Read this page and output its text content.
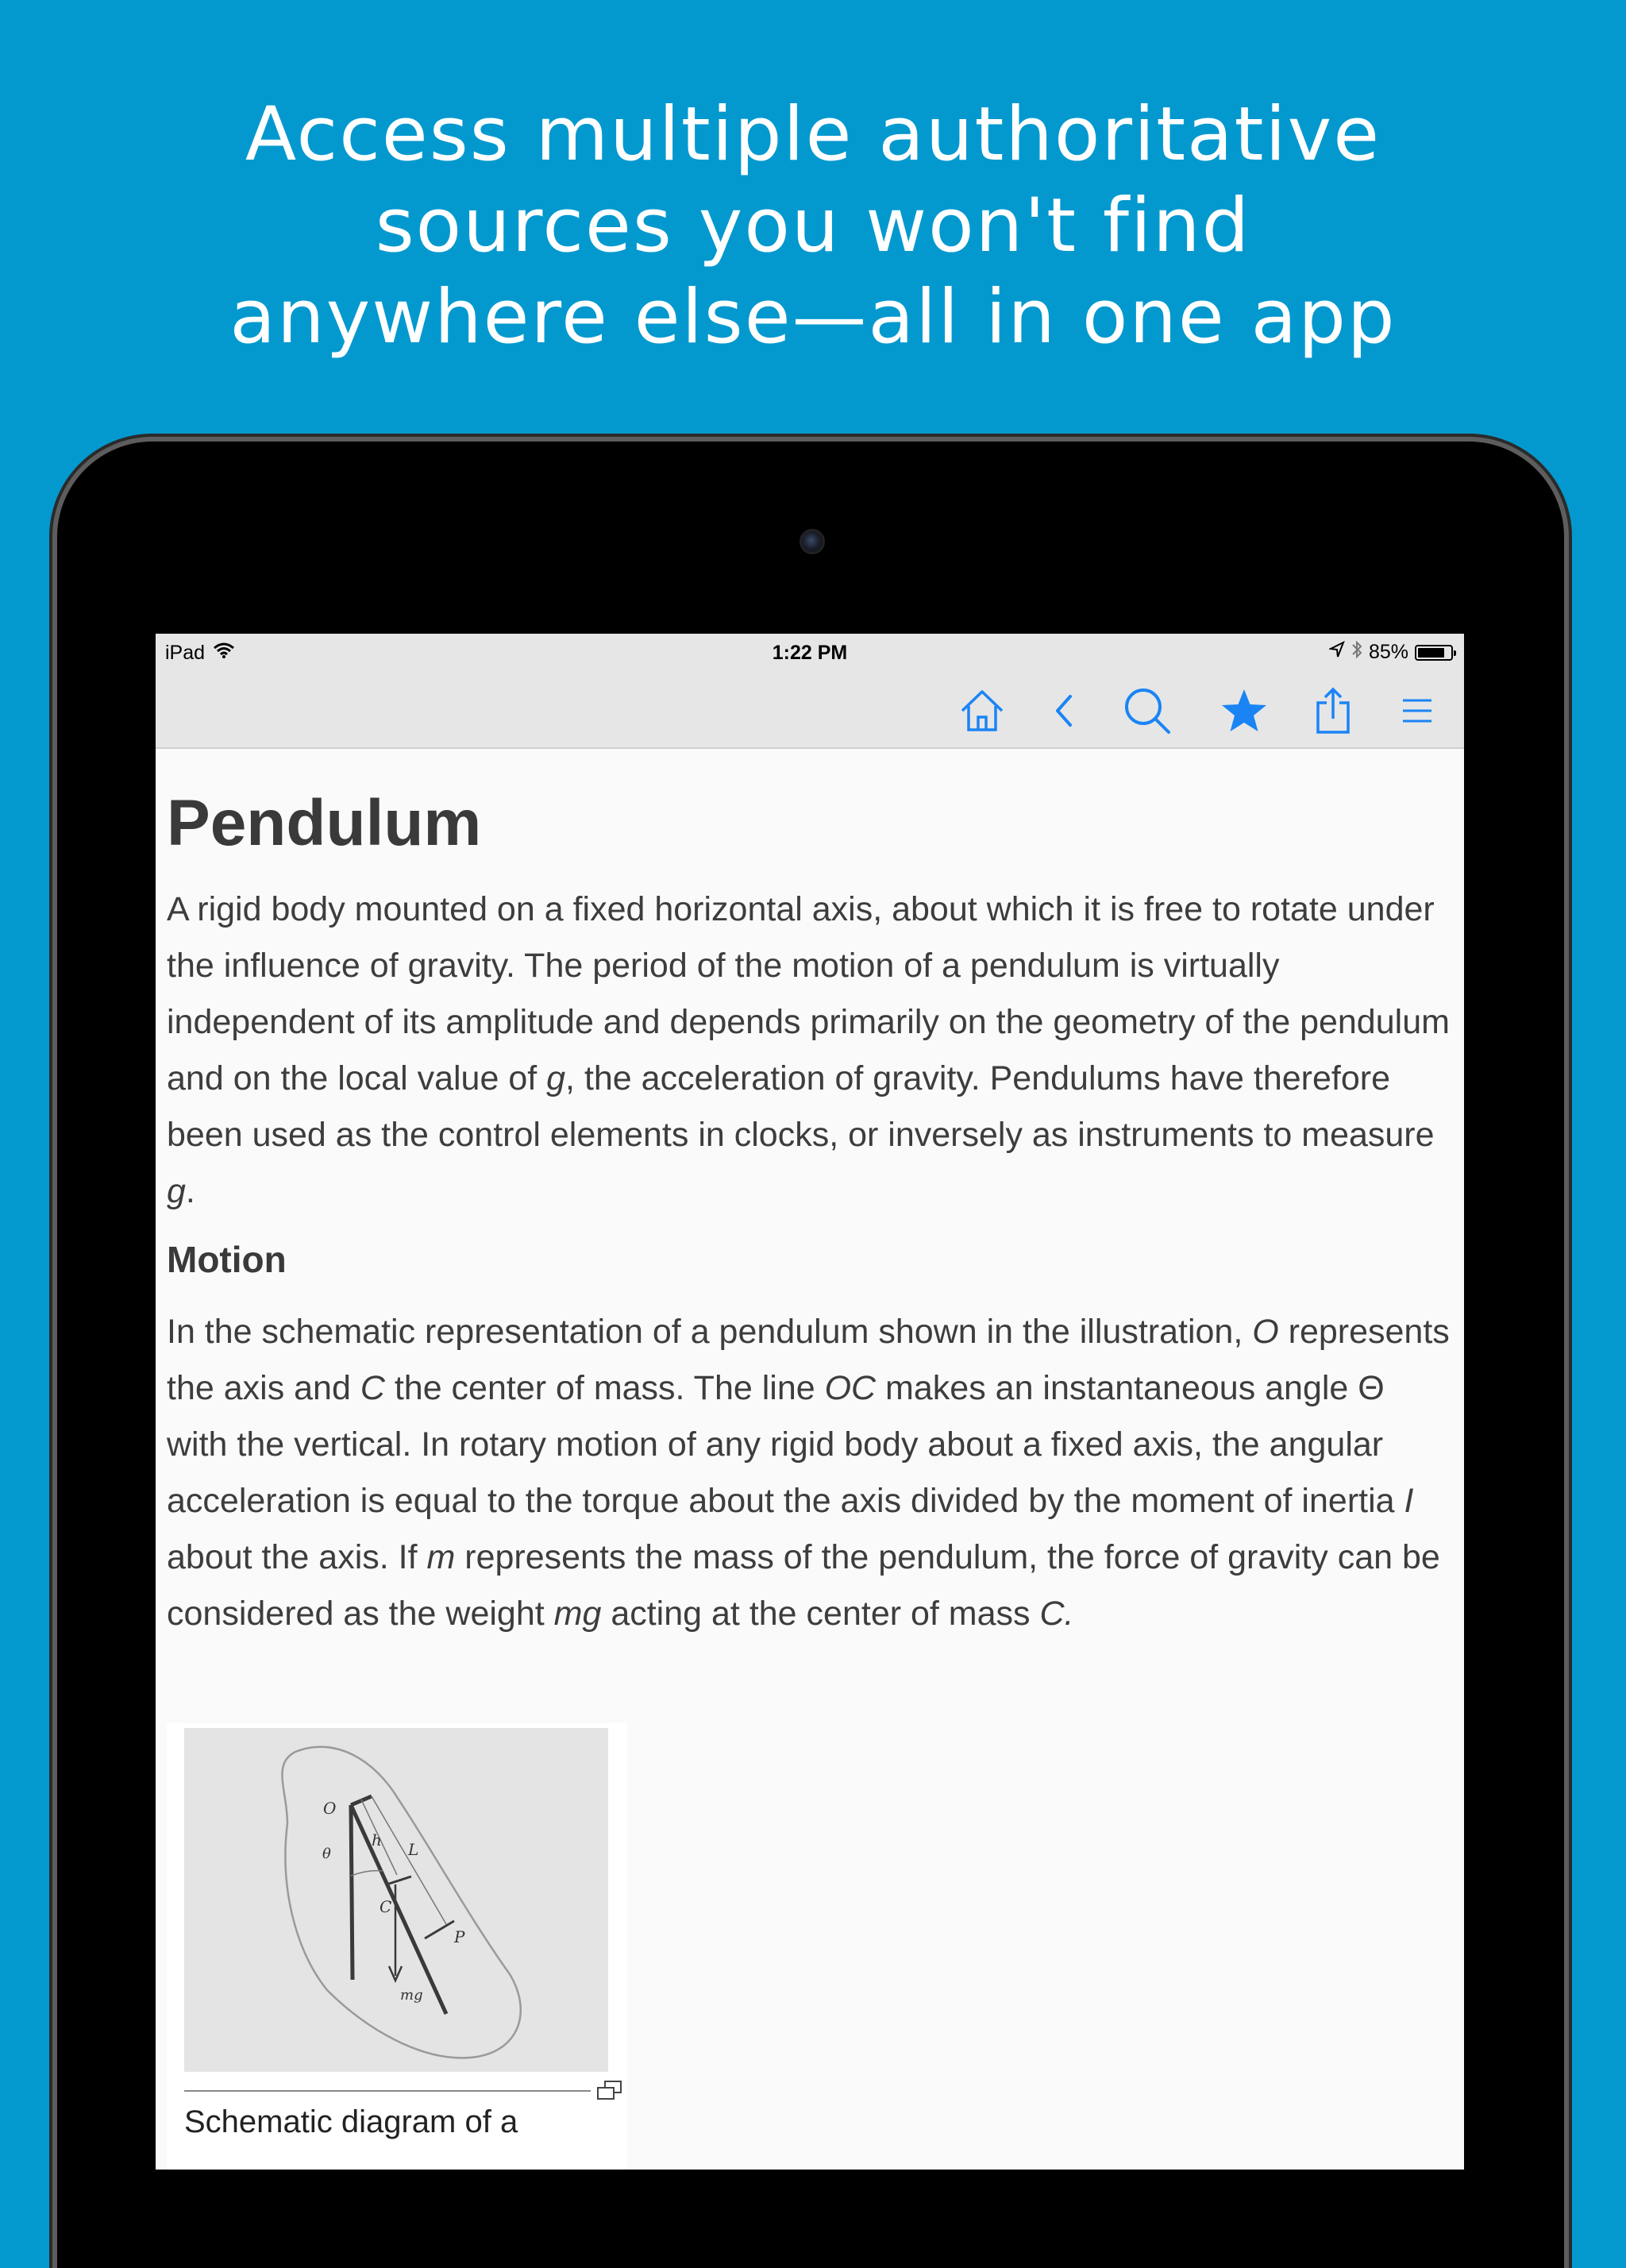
Access multiple authoritative
sources you won't find
anywhere else—all in one app
iPad	1:22 PM	85%
Pendulum

A rigid body mounted on a fixed horizontal axis, about which it is free to rotate under the influence of gravity. The period of the motion of a pendulum is virtually independent of its amplitude and depends primarily on the geometry of the pendulum and on the local value of g, the acceleration of gravity. Pendulums have therefore been used as the control elements in clocks, or inversely as instruments to measure g.

Motion

In the schematic representation of a pendulum shown in the illustration, O represents the axis and C the center of mass. The line OC makes an instantaneous angle Θ with the vertical. In rotary motion of any rigid body about a fixed axis, the angular acceleration is equal to the torque about the axis divided by the moment of inertia I about the axis. If m represents the mass of the pendulum, the force of gravity can be considered as the weight mg acting at the center of mass C.

O
θ
h L
C
P
mg
Schematic diagram of a
